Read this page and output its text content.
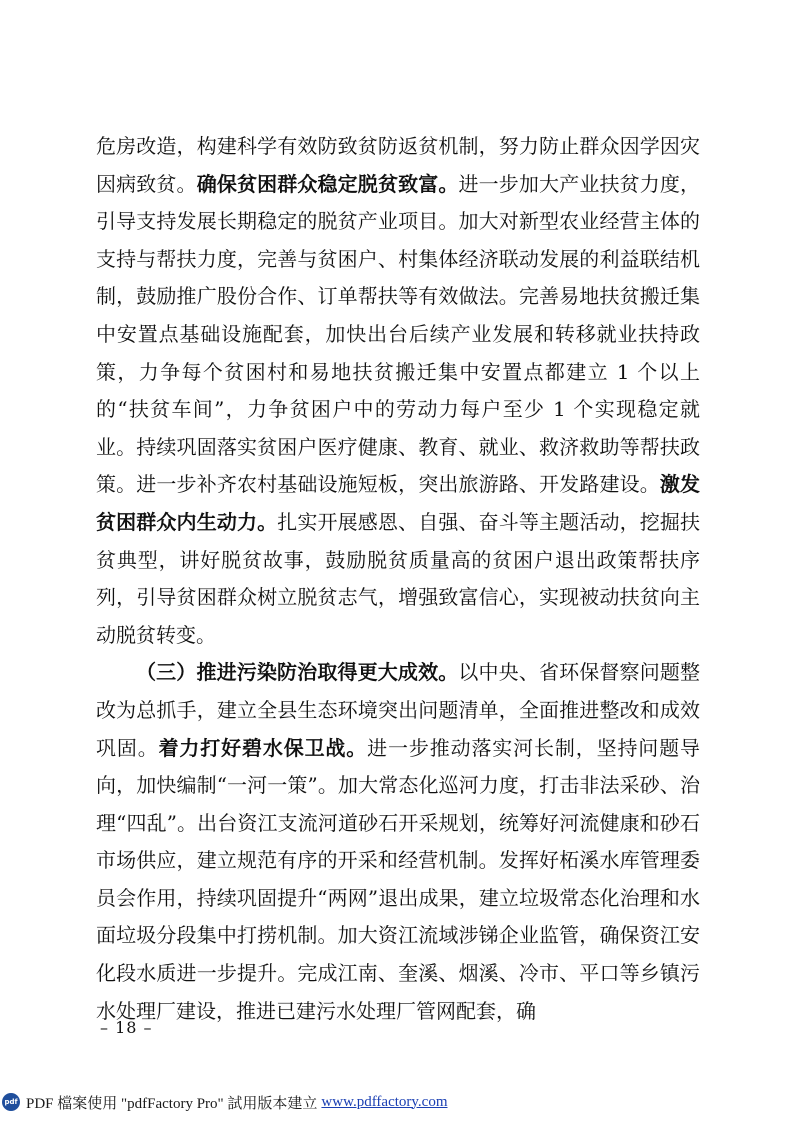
危房改造，构建科学有效防致贫防返贫机制，努力防止群众因学因灾因病致贫。确保贫困群众稳定脱贫致富。进一步加大产业扶贫力度，引导支持发展长期稳定的脱贫产业项目。加大对新型农业经营主体的支持与帮扶力度，完善与贫困户、村集体经济联动发展的利益联结机制，鼓励推广股份合作、订单帮扶等有效做法。完善易地扶贫搬迁集中安置点基础设施配套，加快出台后续产业发展和转移就业扶持政策，力争每个贫困村和易地扶贫搬迁集中安置点都建立 1 个以上的“扶贫车间”，力争贫困户中的劳动力每户至少 1 个实现稳定就业。持续巩固落实贫困户医疗健康、教育、就业、救济救助等帮扶政策。进一步补齐农村基础设施短板，突出旅游路、开发路建设。激发贫困群众内生动力。扎实开展感恩、自强、奋斗等主题活动，挖掘扶贫典型，讲好脱贫故事，鼓励脱贫质量高的贫困户退出政策帮扶序列，引导贫困群众树立脱贫志气，增强致富信心，实现被动扶贫向主动脱贫转变。

（三）推进污染防治取得更大成效。以中央、省环保督察问题整改为总抓手，建立全县生态环境突出问题清单，全面推进整改和成效巩固。着力打好碧水保卫战。进一步推动落实河长制，坚持问题导向，加快编制“一河一策”。加大常态化巡河力度，打击非法采砂、治理“四乱”。出台资江支流河道砂石开采规划，统筹好河流健康和砂石市场供应，建立规范有序的开采和经营机制。发挥好柘溪水库管理委员会作用，持续巩固提升“两网”退出成果，建立垃圾常态化治理和水面垃圾分段集中打捞机制。加大资江流域涉锑企业监管，确保资江安化段水质进一步提升。完成江南、奎溪、烟溪、冷市、平口等乡镇污水处理厂建设，推进已建污水处理厂管网配套，确

– 18 –
pdf PDF 檔案使用 "pdfFactory Pro" 試用版本建立 www.pdffactory.com
